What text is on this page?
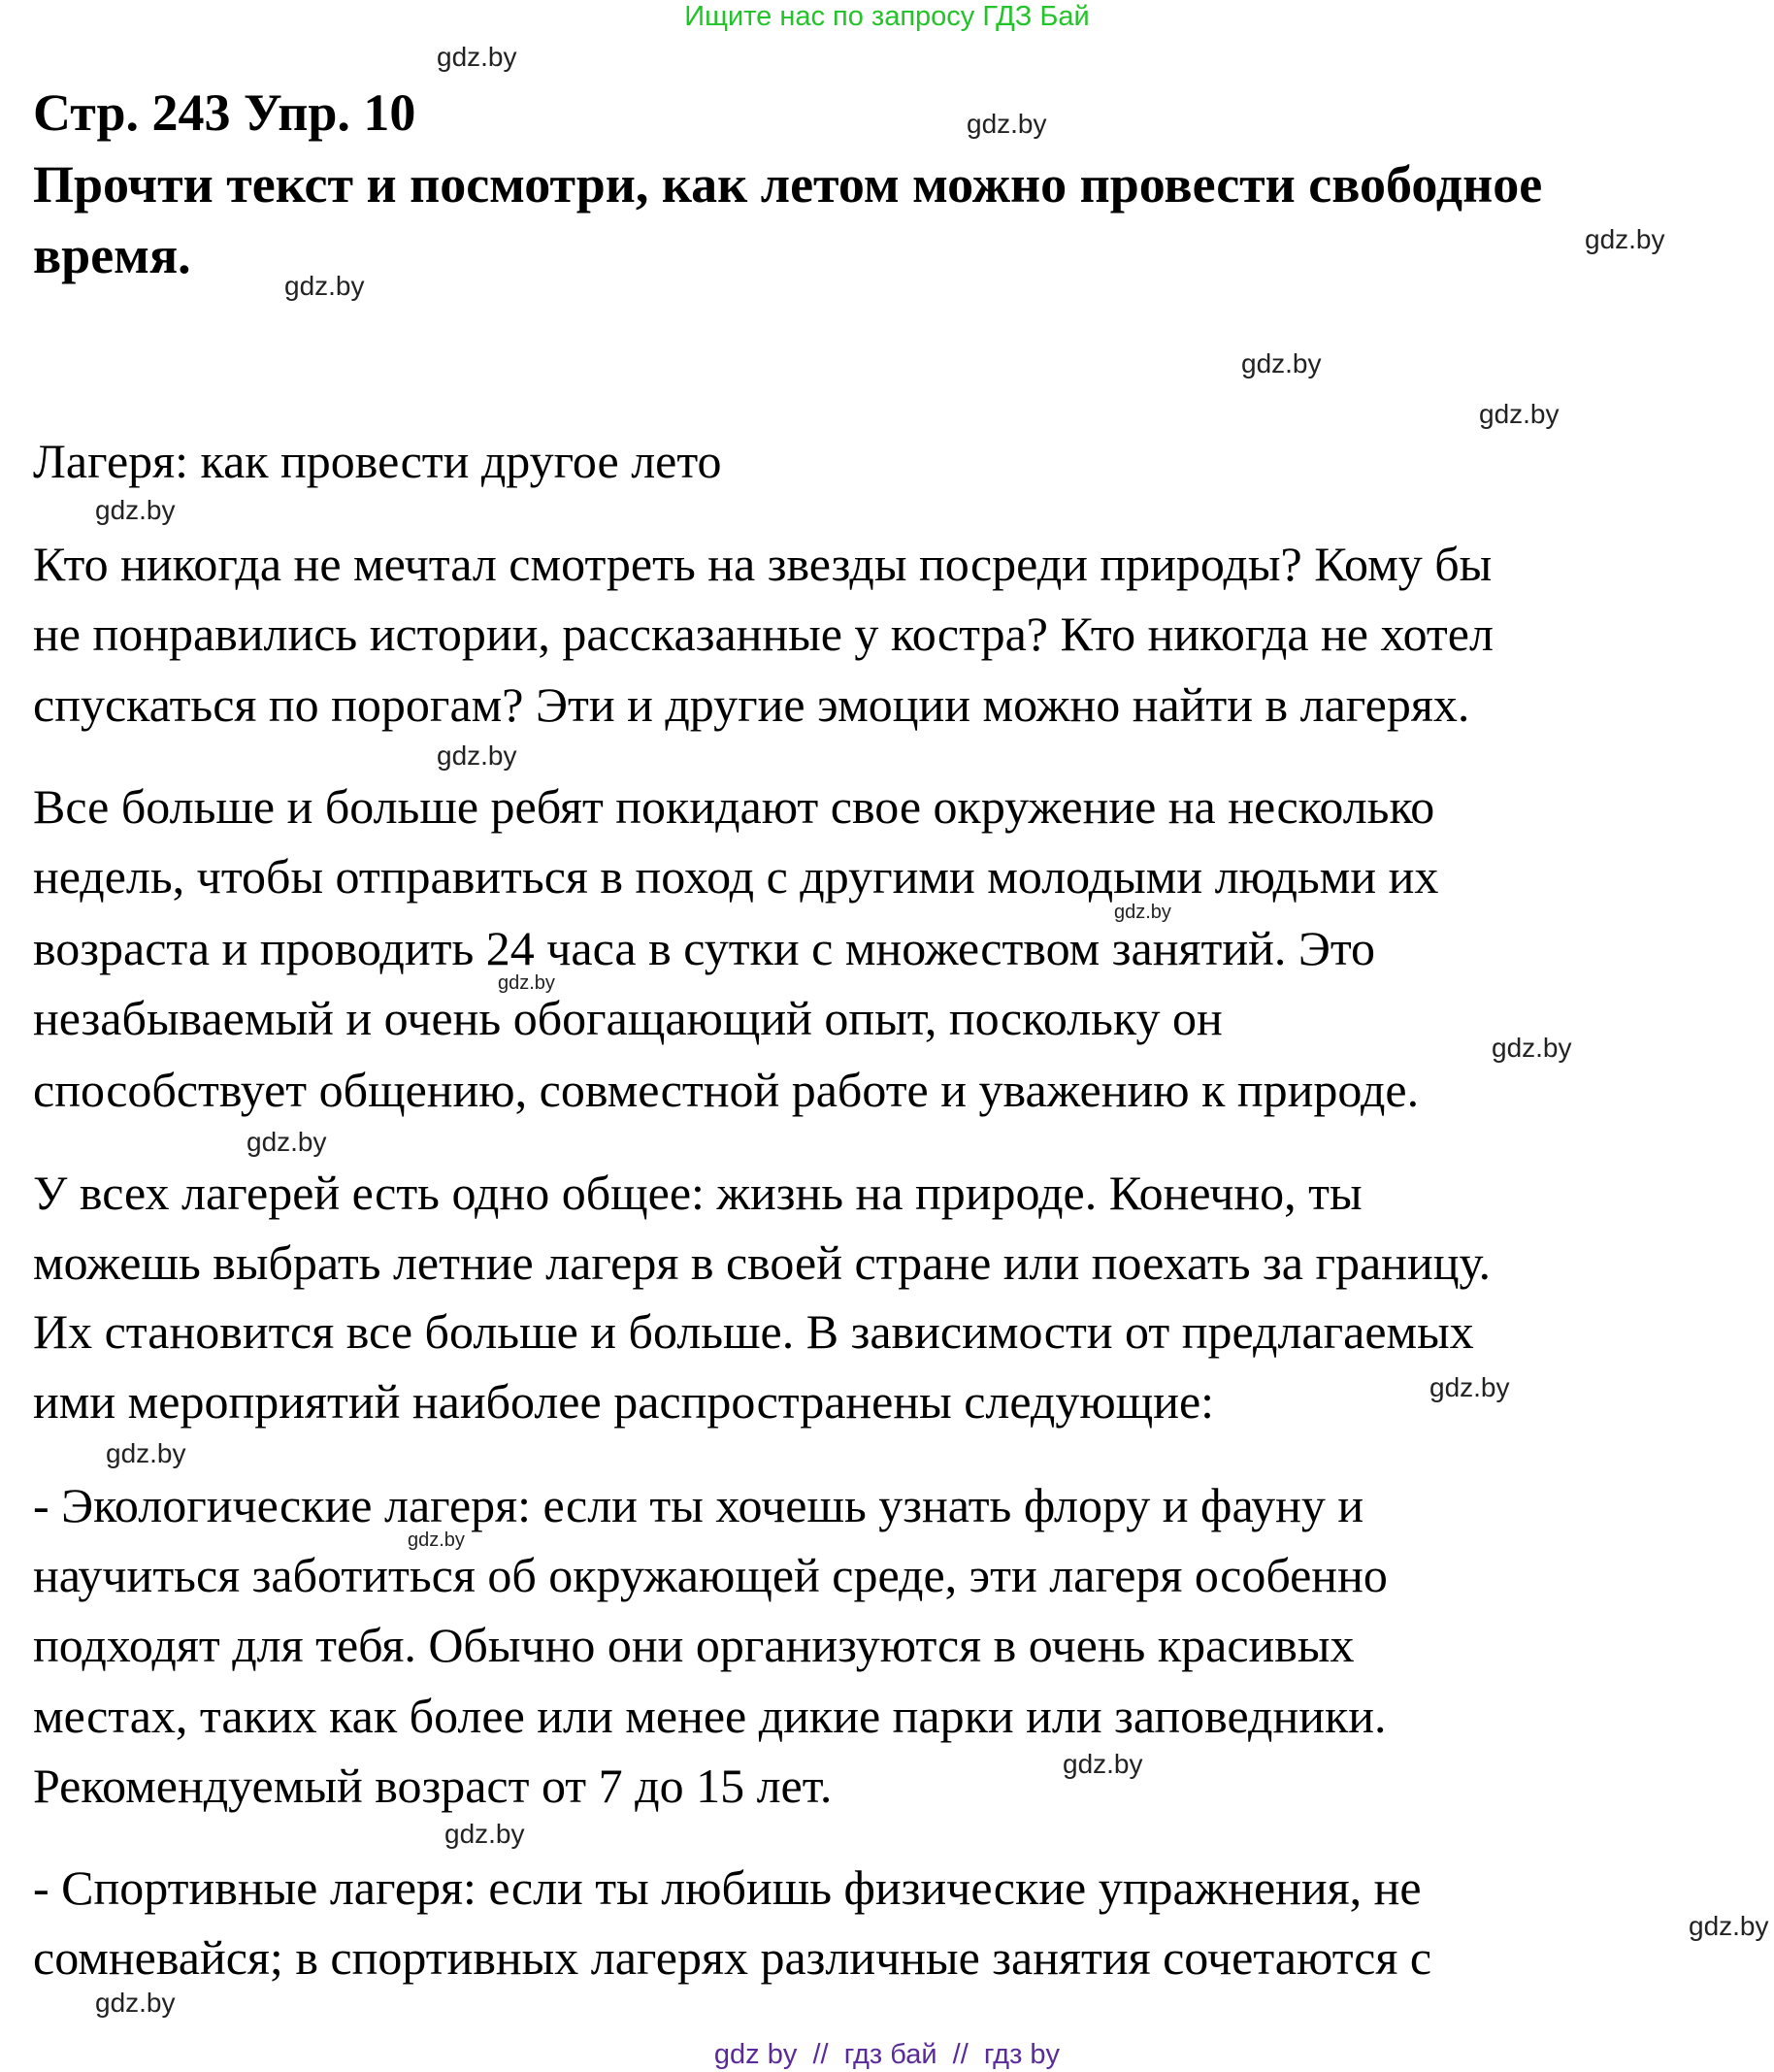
Ищите нас по запросу ГДЗ Бай
Стр. 243 Упр. 10
Прочти текст и посмотри, как летом можно провести свободное
время.
Лагеря: как провести другое лето
Кто никогда не мечтал смотреть на звезды посреди природы? Кому бы
не понравились истории, рассказанные у костра? Кто никогда не хотел
спускаться по порогам? Эти и другие эмоции можно найти в лагерях.
Все больше и больше ребят покидают свое окружение на несколько
недель, чтобы отправиться в поход с другими молодыми людьми их
возраста и проводить 24 часа в сутки с множеством занятий. Это
незабываемый и очень обогащающий опыт, поскольку он
способствует общению, совместной работе и уважению к природе.
У всех лагерей есть одно общее: жизнь на природе. Конечно, ты
можешь выбрать летние лагеря в своей стране или поехать за границу.
Их становится все больше и больше. В зависимости от предлагаемых
ими мероприятий наиболее распространены следующие:
- Экологические лагеря: если ты хочешь узнать флору и фауну и
научиться заботиться об окружающей среде, эти лагеря особенно
подходят для тебя. Обычно они организуются в очень красивых
местах, таких как более или менее дикие парки или заповедники.
Рекомендуемый возраст от 7 до 15 лет.
- Спортивные лагеря: если ты любишь физические упражнения, не
сомневайся; в спортивных лагерях различные занятия сочетаются с
gdz.by
gdz.by
gdz.by
gdz.by
gdz.by
gdz.by
gdz.by
gdz.by
gdz.by
gdz.by
gdz.by
gdz.by
gdz.by
gdz.by
gdz.by
gdz.by
gdz.by
gdz.by
gdz.by
gdz by  //  гдз бай  //  гдз by
